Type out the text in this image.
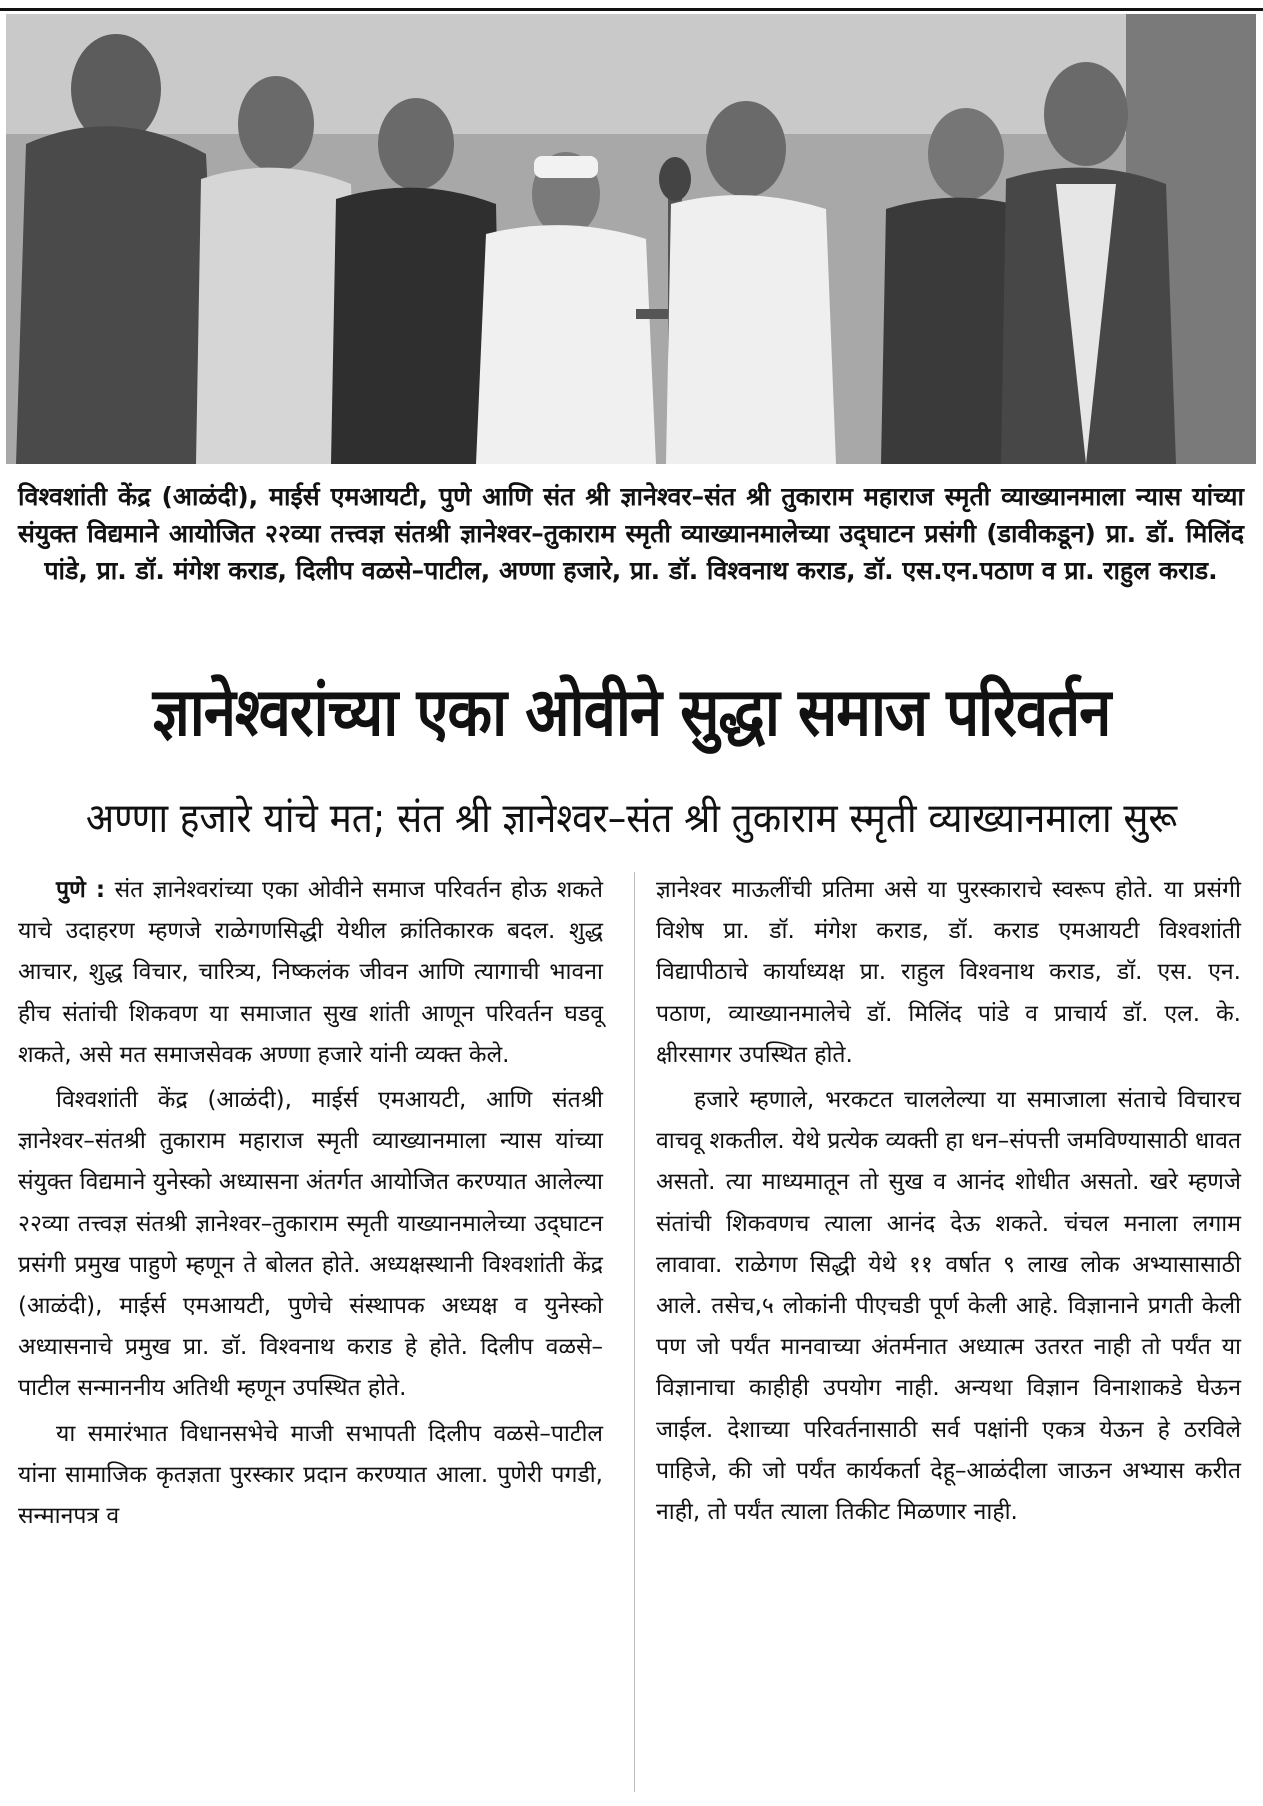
विश्वशांती केंद्र (आळंदी), माईर्स एमआयटी, पुणे आणि संत श्री ज्ञानेश्वर–संत श्री तुकाराम महाराज स्मृती व्याख्यानमाला न्यास यांच्या संयुक्त विद्यमाने आयोजित २२व्या तत्त्वज्ञ संतश्री ज्ञानेश्वर–तुकाराम स्मृती व्याख्यानमालेच्या उद्‌घाटन प्रसंगी (डावीकडून) प्रा. डॉ. मिलिंद पांडे, प्रा. डॉ. मंगेश कराड, दिलीप वळसे–पाटील, अण्णा हजारे, प्रा. डॉ. विश्वनाथ कराड, डॉ. एस.एन.पठाण व प्रा. राहुल कराड.
ज्ञानेश्वरांच्या एका ओवीने सुद्धा समाज परिवर्तन
अण्णा हजारे यांचे मत; संत श्री ज्ञानेश्वर–संत श्री तुकाराम स्मृती व्याख्यानमाला सुरू

पुणे : संत ज्ञानेश्वरांच्या एका ओवीने समाज परिवर्तन होऊ शकते याचे उदाहरण म्हणजे राळेगणसिद्धी येथील क्रांतिकारक बदल. शुद्ध आचार, शुद्ध विचार, चारित्र्य, निष्कलंक जीवन आणि त्यागाची भावना हीच संतांची शिकवण या समाजात सुख शांती आणून परिवर्तन घडवू शकते, असे मत समाजसेवक अण्णा हजारे यांनी व्यक्त केले.

विश्वशांती केंद्र (आळंदी), माईर्स एमआयटी, आणि संतश्री ज्ञानेश्वर–संतश्री तुकाराम महाराज स्मृती व्याख्यानमाला न्यास यांच्या संयुक्त विद्यमाने युनेस्को अध्यासना अंतर्गत आयोजित करण्यात आलेल्या २२व्या तत्त्वज्ञ संतश्री ज्ञानेश्वर–तुकाराम स्मृती याख्यानमालेच्या उद्‌घाटन प्रसंगी प्रमुख पाहुणे म्हणून ते बोलत होते. अध्यक्षस्थानी विश्वशांती केंद्र (आळंदी), माईर्स एमआयटी, पुणेचे संस्थापक अध्यक्ष व युनेस्को अध्यासनाचे प्रमुख प्रा. डॉ. विश्वनाथ कराड हे होते. दिलीप वळसे–पाटील सन्माननीय अतिथी म्हणून उपस्थित होते.

या समारंभात विधानसभेचे माजी सभापती दिलीप वळसे–पाटील यांना सामाजिक कृतज्ञता पुरस्कार प्रदान करण्यात आला. पुणेरी पगडी, सन्मानपत्र व

ज्ञानेश्वर माऊलींची प्रतिमा असे या पुरस्काराचे स्वरूप होते. या प्रसंगी विशेष प्रा. डॉ. मंगेश कराड, डॉ. कराड एमआयटी विश्वशांती विद्यापीठाचे कार्याध्यक्ष प्रा. राहुल विश्वनाथ कराड, डॉ. एस. एन. पठाण, व्याख्यानमालेचे डॉ. मिलिंद पांडे व प्राचार्य डॉ. एल. के. क्षीरसागर उपस्थित होते.

हजारे म्हणाले, भरकटत चाललेल्या या समाजाला संताचे विचारच वाचवू शकतील. येथे प्रत्येक व्यक्ती हा धन–संपत्ती जमविण्यासाठी धावत असतो. त्या माध्यमातून तो सुख व आनंद शोधीत असतो. खरे म्हणजे संतांची शिकवणच त्याला आनंद देऊ शकते. चंचल मनाला लगाम लावावा. राळेगण सिद्धी येथे ११ वर्षात ९ लाख लोक अभ्यासासाठी आले. तसेच,५ लोकांनी पीएचडी पूर्ण केली आहे. विज्ञानाने प्रगती केली पण जो पर्यंत मानवाच्या अंतर्मनात अध्यात्म उतरत नाही तो पर्यंत या विज्ञानाचा काहीही उपयोग नाही. अन्यथा विज्ञान विनाशाकडे घेऊन जाईल. देशाच्या परिवर्तनासाठी सर्व पक्षांनी एकत्र येऊन हे ठरविले पाहिजे, की जो पर्यंत कार्यकर्ता देहू–आळंदीला जाऊन अभ्यास करीत नाही, तो पर्यंत त्याला तिकीट मिळणार नाही.
